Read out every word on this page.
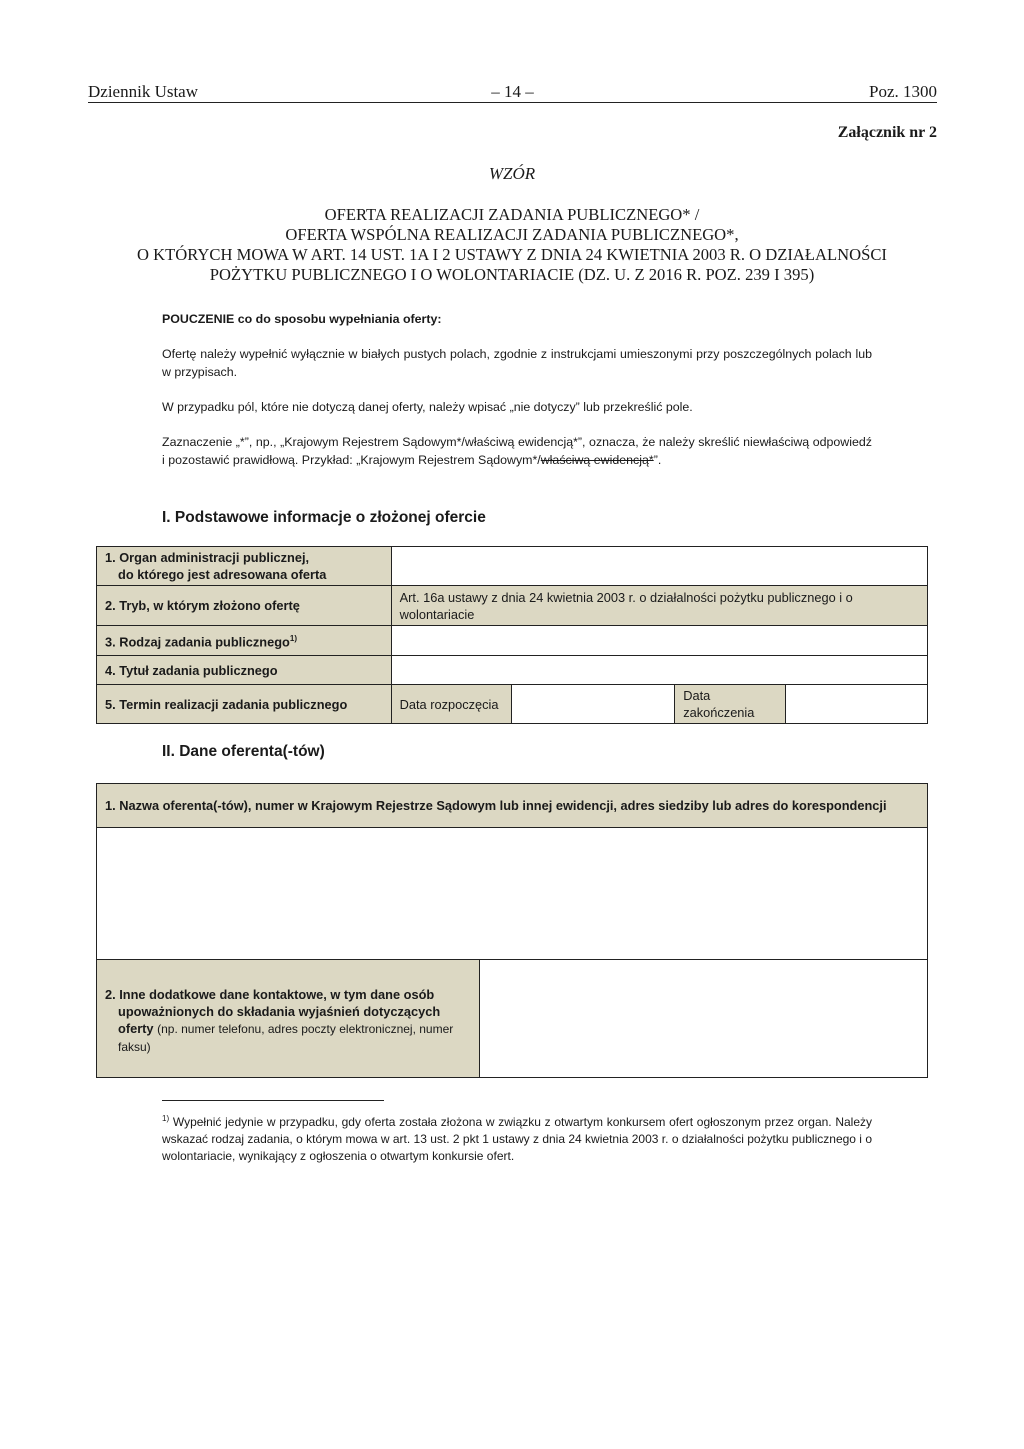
– 14 –
Dziennik Ustaw	Poz. 1300
Załącznik nr 2
WZÓR
OFERTA REALIZACJI ZADANIA PUBLICZNEGO* /
OFERTA WSPÓLNA REALIZACJI ZADANIA PUBLICZNEGO*,
O KTÓRYCH MOWA W ART. 14 UST. 1A I 2 USTAWY Z DNIA 24 KWIETNIA 2003 R. O DZIAŁALNOŚCI
POŻYTKU PUBLICZNEGO I O WOLONTARIACIE (DZ. U. Z 2016 R. POZ. 239 I 395)
POUCZENIE co do sposobu wypełniania oferty:

Ofertę należy wypełnić wyłącznie w białych pustych polach, zgodnie z instrukcjami umieszonymi przy poszczególnych polach lub w przypisach.

W przypadku pól, które nie dotyczą danej oferty, należy wpisać „nie dotyczy” lub przekreślić pole.

Zaznaczenie „*”, np., „Krajowym Rejestrem Sądowym*/właściwą ewidencją*”, oznacza, że należy skreślić niewłaściwą odpowiedź i pozostawić prawidłową. Przykład: „Krajowym Rejestrem Sądowym*/właściwą ewidencją*”.

I. Podstawowe informacje o złożonej ofercie
1. Organ administracji publicznej,
do którego jest adresowana oferta				

2. Tryb, w którym złożono ofertę	Art. 16a ustawy z dnia 24 kwietnia 2003 r. o działalności pożytku publicznego i o wolontariacie			
3. Rodzaj zadania publicznego$^{1)}$	
4. Tytuł zadania publicznego				
5. Termin realizacji zadania publicznego	Data rozpoczęcia		Data zakończenia	
II. Dane oferenta(-tów)
1. Nazwa oferenta(-tów), numer w Krajowym Rejestrze Sądowym lub innej ewidencji, adres siedziby lub adres do korespondencji

2. Inne dodatkowe dane kontaktowe, w tym dane osób
upoważnionych do składania wyjaśnień dotyczących oferty (np. numer telefonu, adres poczty elektronicznej, numer faksu)

$^{1)}$ Wypełnić jedynie w przypadku, gdy oferta została złożona w związku z otwartym konkursem ofert ogłoszonym przez organ. Należy wskazać rodzaj zadania, o którym mowa w art. 13 ust. 2 pkt 1 ustawy z dnia 24 kwietnia 2003 r. o działalności pożytku publicznego i o wolontariacie, wynikający z ogłoszenia o otwartym konkursie ofert.
